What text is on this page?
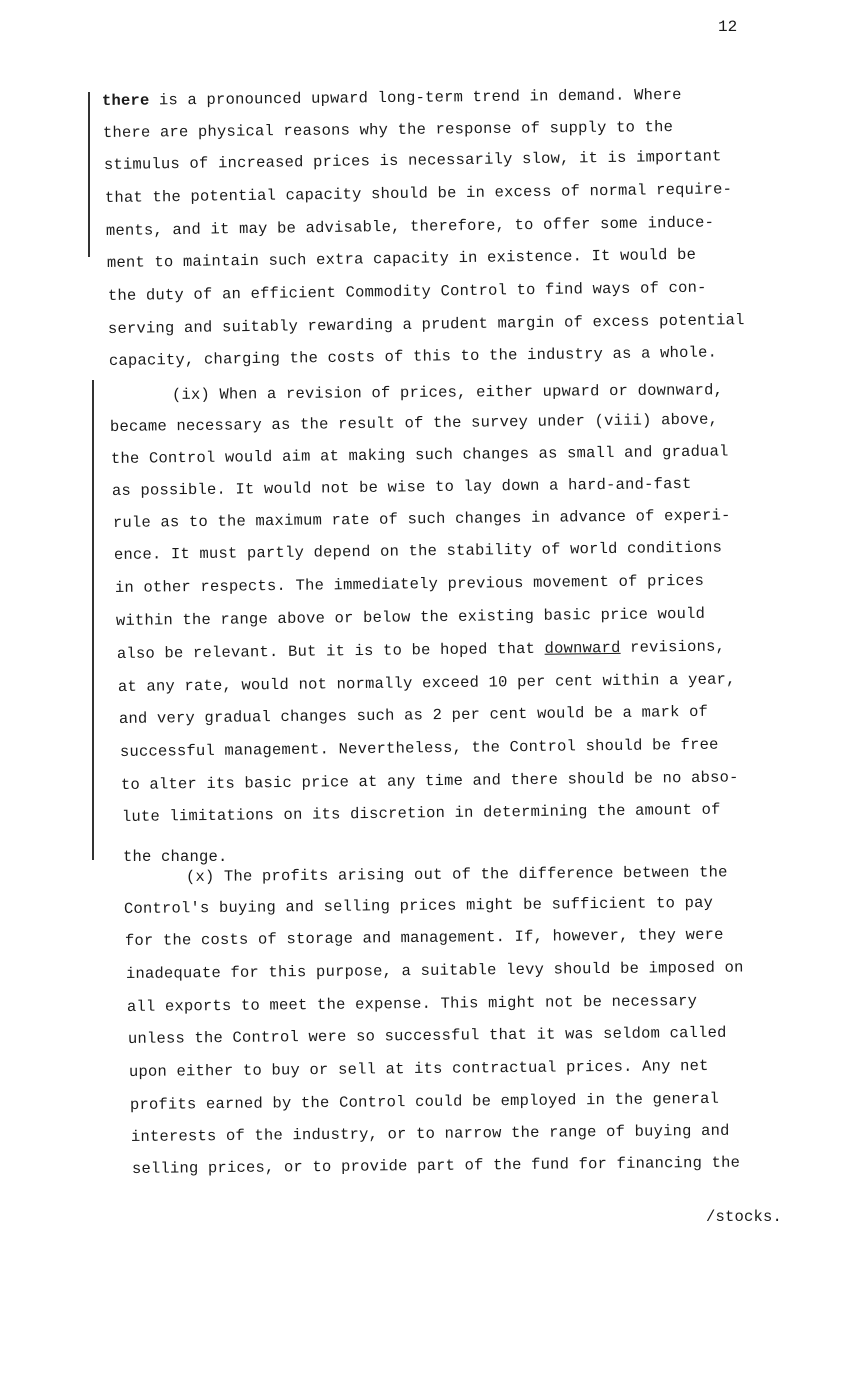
12
there is a pronounced upward long-term trend in demand. Where
there are physical reasons why the response of supply to the
stimulus of increased prices is necessarily slow, it is important
that the potential capacity should be in excess of normal require-
ments, and it may be advisable, therefore, to offer some induce-
ment to maintain such extra capacity in existence. It would be
the duty of an efficient Commodity Control to find ways of con-
serving and suitably rewarding a prudent margin of excess potential
capacity, charging the costs of this to the industry as a whole.
(ix) When a revision of prices, either upward or downward,
became necessary as the result of the survey under (viii) above,
the Control would aim at making such changes as small and gradual
as possible. It would not be wise to lay down a hard-and-fast
rule as to the maximum rate of such changes in advance of experi-
ence. It must partly depend on the stability of world conditions
in other respects. The immediately previous movement of prices
within the range above or below the existing basic price would
also be relevant. But it is to be hoped that downward revisions,
at any rate, would not normally exceed 10 per cent within a year,
and very gradual changes such as 2 per cent would be a mark of
successful management. Nevertheless, the Control should be free
to alter its basic price at any time and there should be no abso-
lute limitations on its discretion in determining the amount of
the change.
(x) The profits arising out of the difference between the
Control's buying and selling prices might be sufficient to pay
for the costs of storage and management. If, however, they were
inadequate for this purpose, a suitable levy should be imposed on
all exports to meet the expense. This might not be necessary
unless the Control were so successful that it was seldom called
upon either to buy or sell at its contractual prices. Any net
profits earned by the Control could be employed in the general
interests of the industry, or to narrow the range of buying and
selling prices, or to provide part of the fund for financing the
/stocks.
